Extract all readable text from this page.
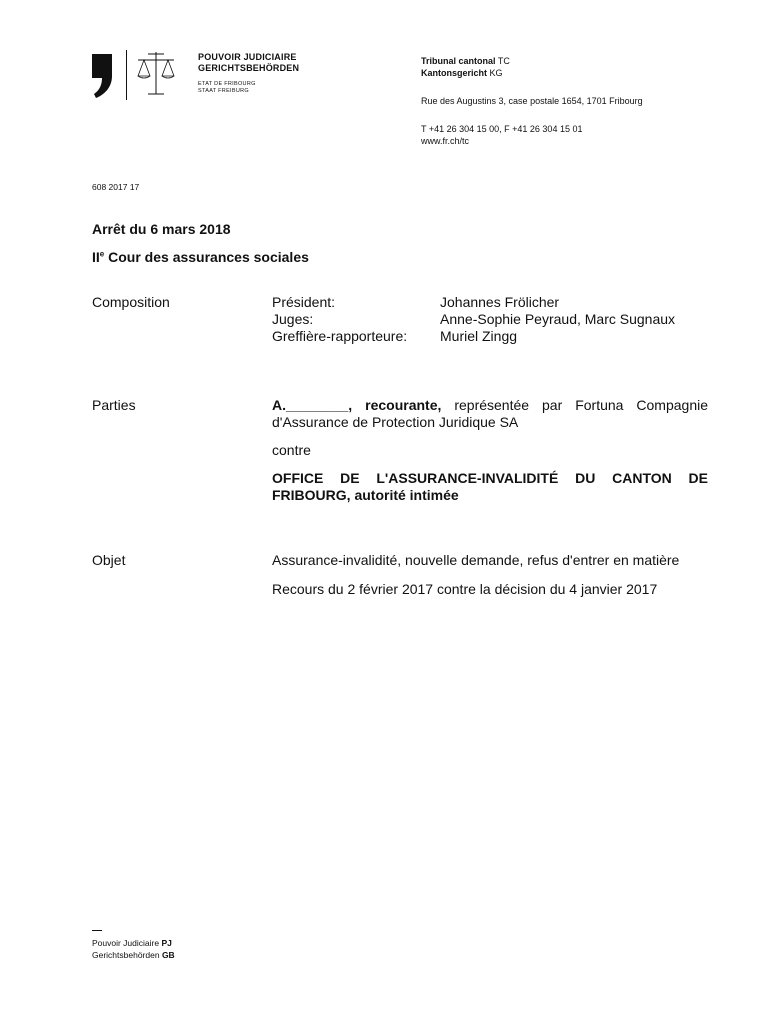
POUVOIR JUDICIAIRE
GERICHTSBEHÖRDEN
ETAT DE FRIBOURG
STAAT FREIBURG
Tribunal cantonal TC
Kantonsgericht KG
Rue des Augustins 3, case postale 1654, 1701 Fribourg
T +41 26 304 15 00, F +41 26 304 15 01
www.fr.ch/tc
608 2017 17
Arrêt du 6 mars 2018
IIe Cour des assurances sociales
Composition	Président:	Johannes Frölicher
Juges:	Anne-Sophie Peyraud, Marc Sugnaux
Greffière-rapporteure:	Muriel Zingg
Parties	A.________, recourante, représentée par Fortuna Compagnie d'Assurance de Protection Juridique SA
contre
OFFICE DE L'ASSURANCE-INVALIDITÉ DU CANTON DE FRIBOURG, autorité intimée
Objet	Assurance-invalidité, nouvelle demande, refus d'entrer en matière
Recours du 2 février 2017 contre la décision du 4 janvier 2017
Pouvoir Judiciaire PJ
Gerichtsbehörden GB
